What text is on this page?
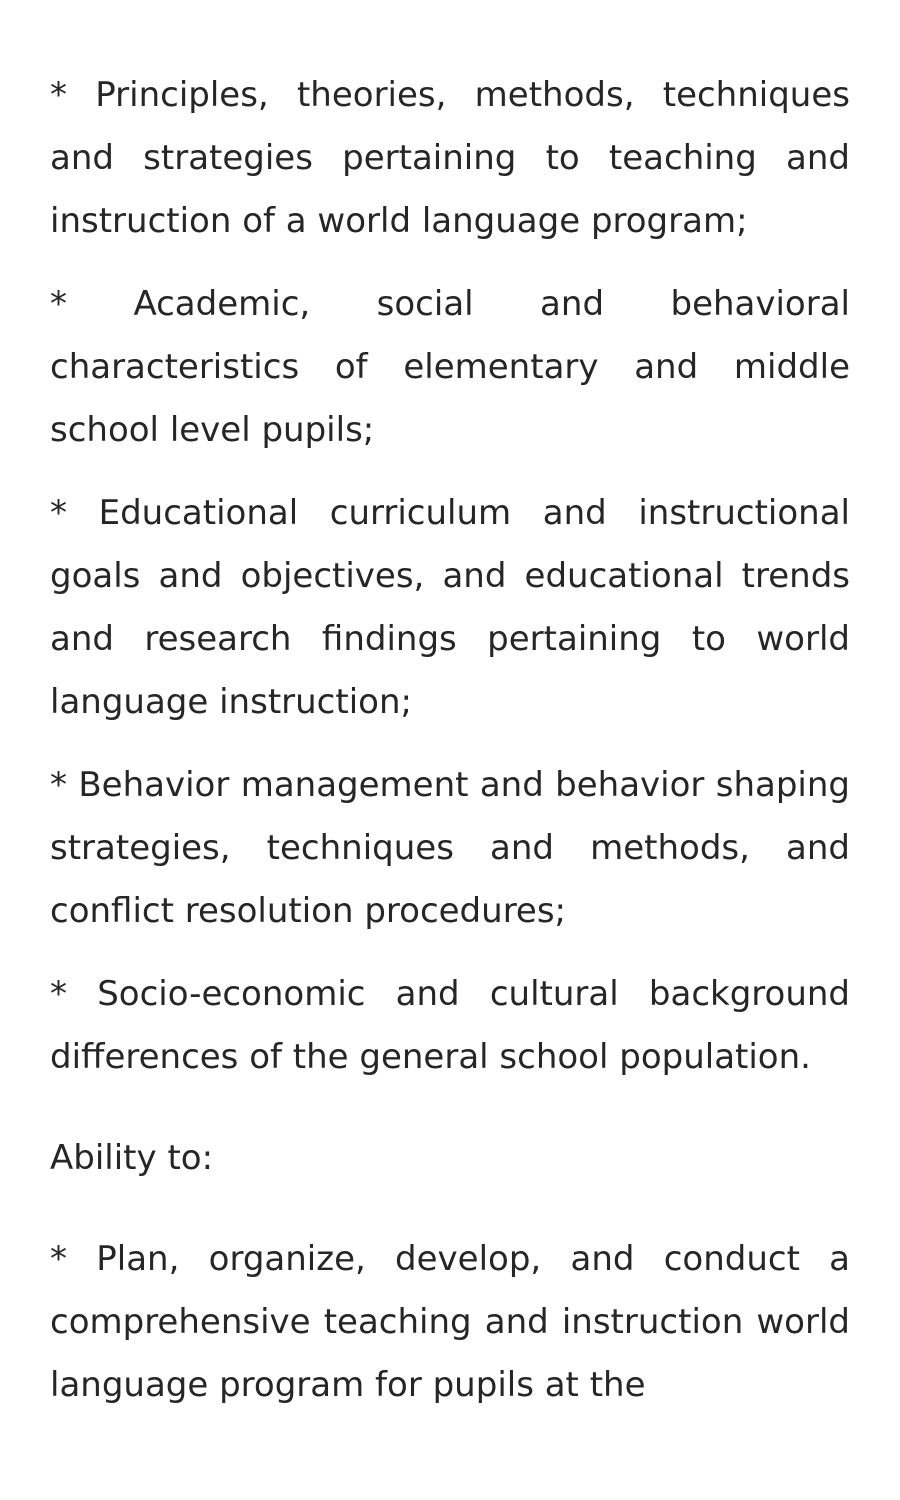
* Principles, theories, methods, techniques and strategies pertaining to teaching and instruction of a world language program;

* Academic, social and behavioral characteristics of elementary and middle school level pupils;

* Educational curriculum and instructional goals and objectives, and educational trends and research findings pertaining to world language instruction;

* Behavior management and behavior shaping strategies, techniques and methods, and conflict resolution procedures;

* Socio-economic and cultural background differences of the general school population.

Ability to:

* Plan, organize, develop, and conduct a comprehensive teaching and instruction world language program for pupils at the
